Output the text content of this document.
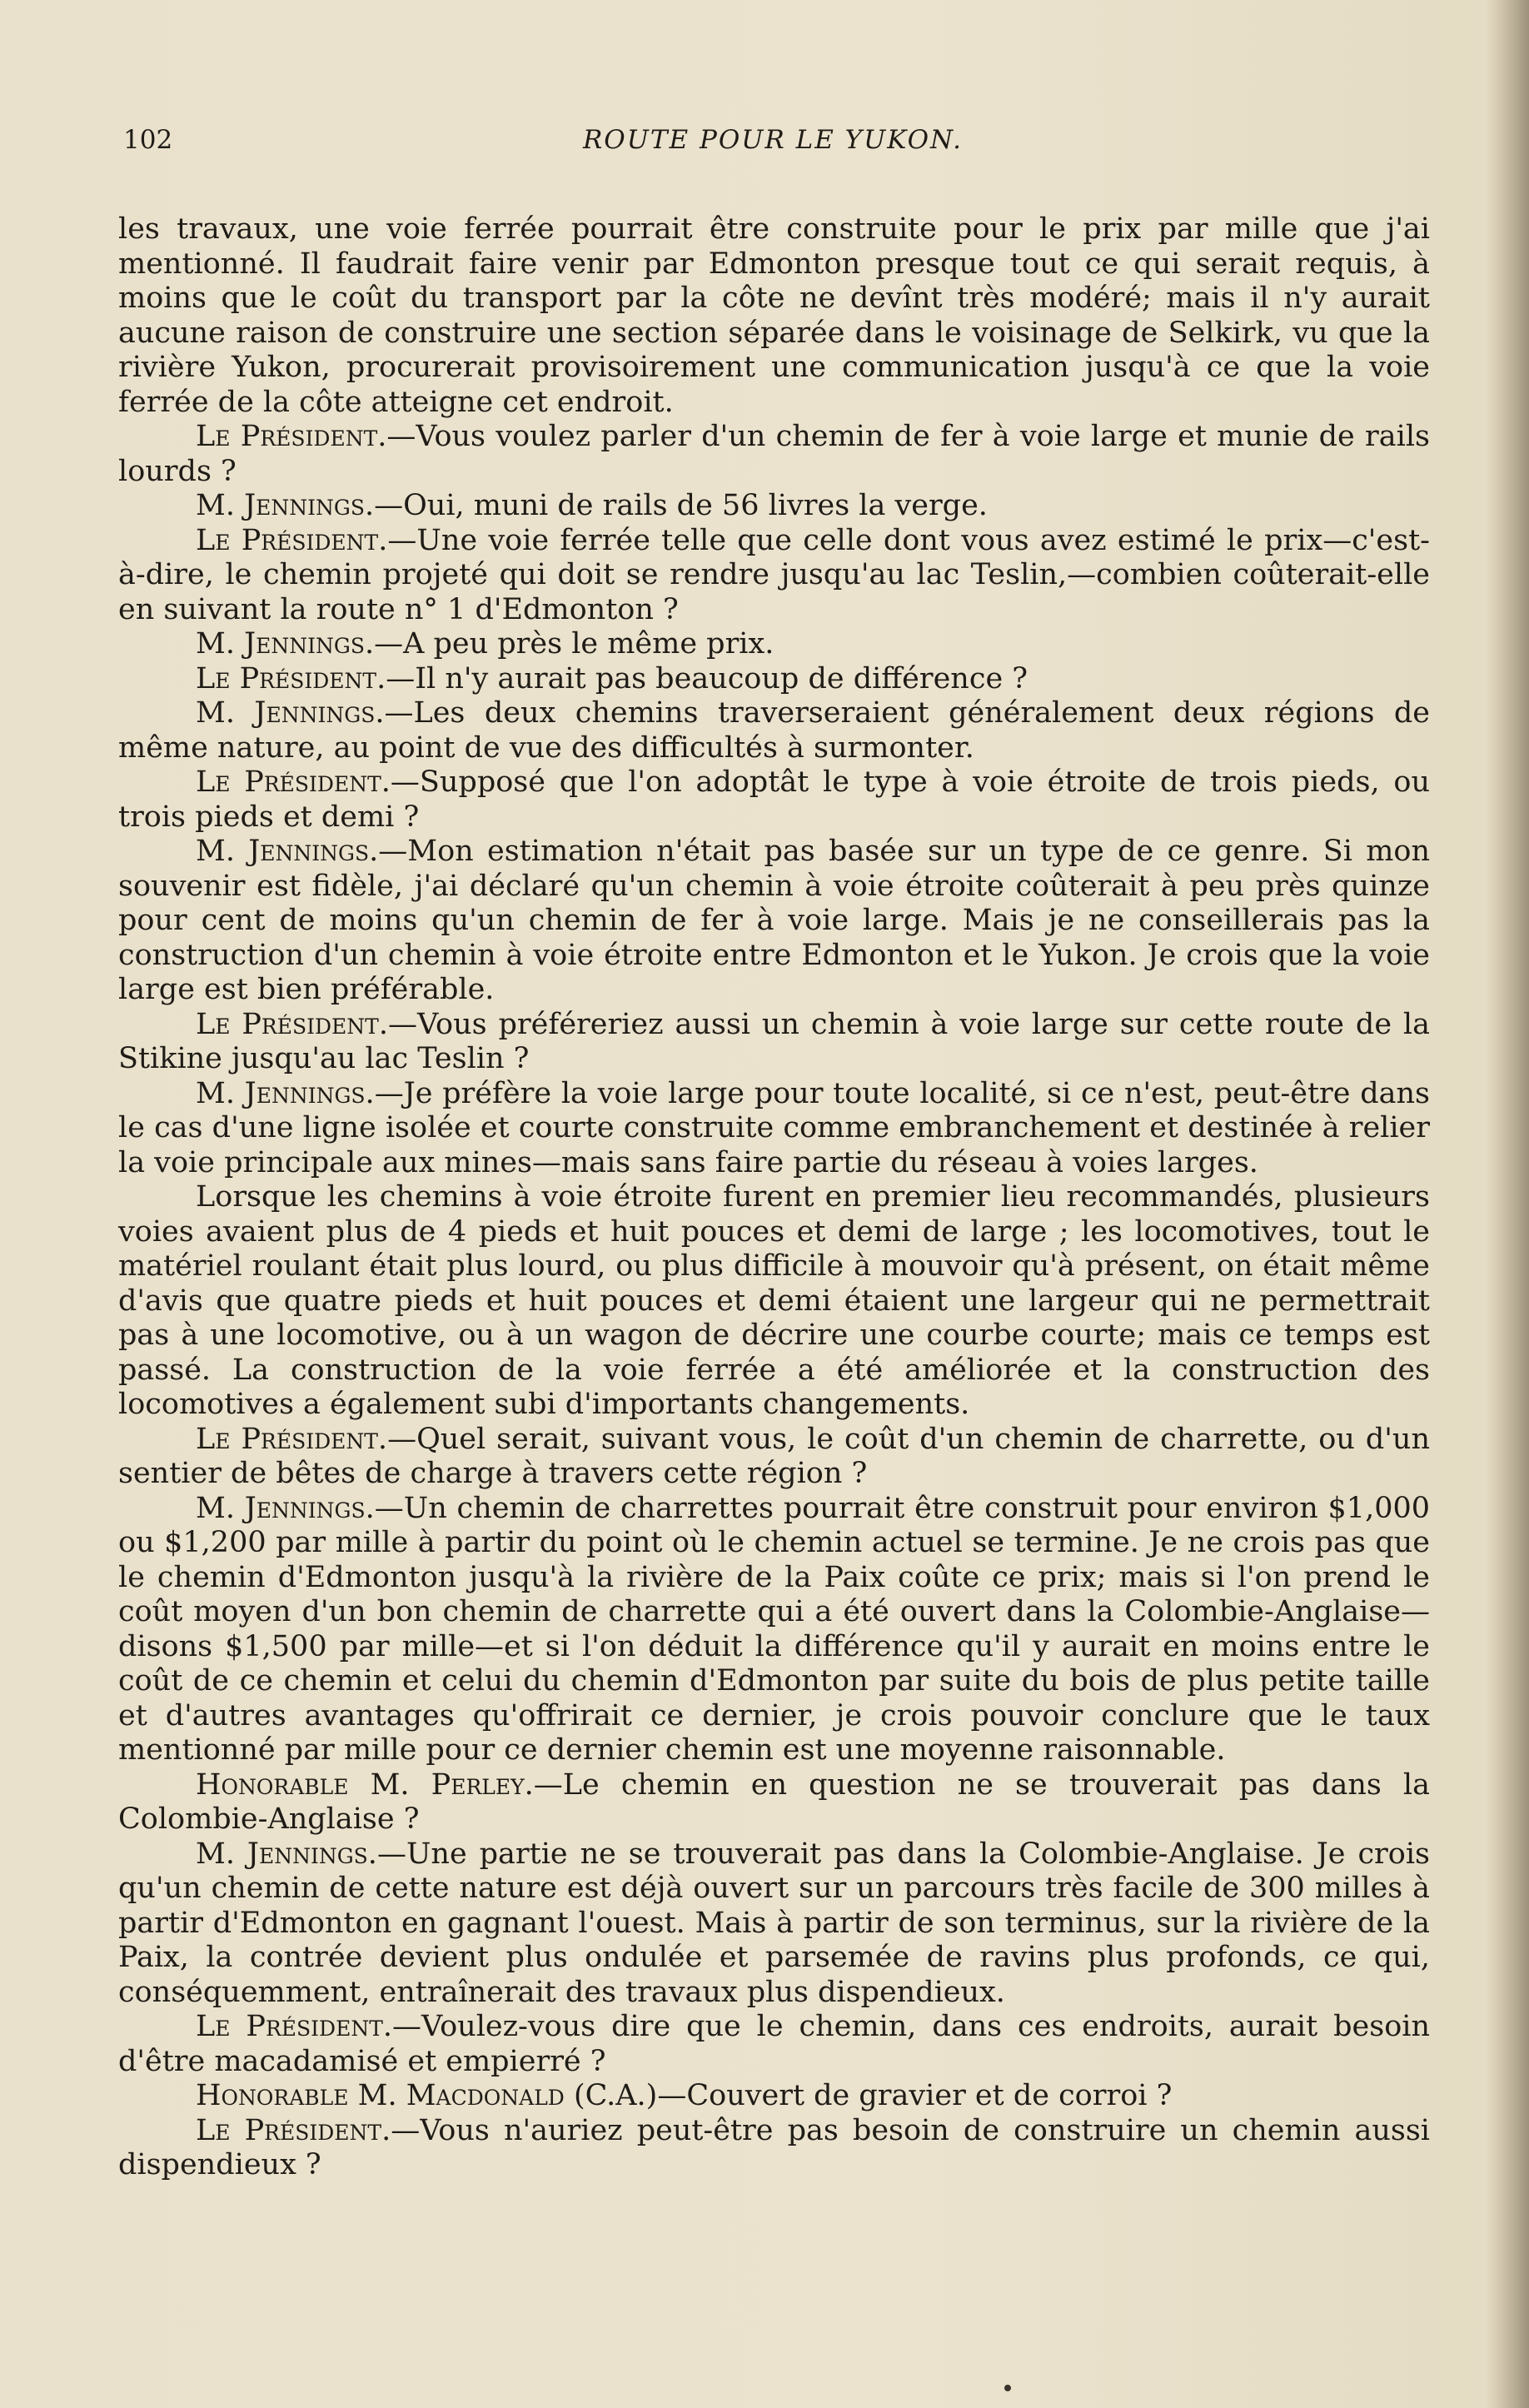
102	ROUTE POUR LE YUKON.

les travaux, une voie ferrée pourrait être construite pour le prix par mille que j'ai mentionné. Il faudrait faire venir par Edmonton presque tout ce qui serait requis, à moins que le coût du transport par la côte ne devînt très modéré; mais il n'y aurait aucune raison de construire une section séparée dans le voisinage de Selkirk, vu que la rivière Yukon, procurerait provisoirement une communication jusqu'à ce que la voie ferrée de la côte atteigne cet endroit.

Le Président.—Vous voulez parler d'un chemin de fer à voie large et munie de rails lourds ?

M. Jennings.—Oui, muni de rails de 56 livres la verge.

Le Président.—Une voie ferrée telle que celle dont vous avez estimé le prix—c'est-à-dire, le chemin projeté qui doit se rendre jusqu'au lac Teslin,—combien coûterait-elle en suivant la route n° 1 d'Edmonton ?

M. Jennings.—A peu près le même prix.

Le Président.—Il n'y aurait pas beaucoup de différence ?

M. Jennings.—Les deux chemins traverseraient généralement deux régions de même nature, au point de vue des difficultés à surmonter.

Le Président.—Supposé que l'on adoptât le type à voie étroite de trois pieds, ou trois pieds et demi ?

M. Jennings.—Mon estimation n'était pas basée sur un type de ce genre. Si mon souvenir est fidèle, j'ai déclaré qu'un chemin à voie étroite coûterait à peu près quinze pour cent de moins qu'un chemin de fer à voie large. Mais je ne conseillerais pas la construction d'un chemin à voie étroite entre Edmonton et le Yukon. Je crois que la voie large est bien préférable.

Le Président.—Vous préféreriez aussi un chemin à voie large sur cette route de la Stikine jusqu'au lac Teslin ?

M. Jennings.—Je préfère la voie large pour toute localité, si ce n'est, peut-être dans le cas d'une ligne isolée et courte construite comme embranchement et destinée à relier la voie principale aux mines—mais sans faire partie du réseau à voies larges.

Lorsque les chemins à voie étroite furent en premier lieu recommandés, plusieurs voies avaient plus de 4 pieds et huit pouces et demi de large ; les locomotives, tout le matériel roulant était plus lourd, ou plus difficile à mouvoir qu'à présent, on était même d'avis que quatre pieds et huit pouces et demi étaient une largeur qui ne permettrait pas à une locomotive, ou à un wagon de décrire une courbe courte; mais ce temps est passé. La construction de la voie ferrée a été améliorée et la construction des locomotives a également subi d'importants changements.

Le Président.—Quel serait, suivant vous, le coût d'un chemin de charrette, ou d'un sentier de bêtes de charge à travers cette région ?

M. Jennings.—Un chemin de charrettes pourrait être construit pour environ $1,000 ou $1,200 par mille à partir du point où le chemin actuel se termine. Je ne crois pas que le chemin d'Edmonton jusqu'à la rivière de la Paix coûte ce prix; mais si l'on prend le coût moyen d'un bon chemin de charrette qui a été ouvert dans la Colombie-Anglaise—disons $1,500 par mille—et si l'on déduit la différence qu'il y aurait en moins entre le coût de ce chemin et celui du chemin d'Edmonton par suite du bois de plus petite taille et d'autres avantages qu'offrirait ce dernier, je crois pouvoir conclure que le taux mentionné par mille pour ce dernier chemin est une moyenne raisonnable.

Honorable M. Perley.—Le chemin en question ne se trouverait pas dans la Colombie-Anglaise ?

M. Jennings.—Une partie ne se trouverait pas dans la Colombie-Anglaise. Je crois qu'un chemin de cette nature est déjà ouvert sur un parcours très facile de 300 milles à partir d'Edmonton en gagnant l'ouest. Mais à partir de son terminus, sur la rivière de la Paix, la contrée devient plus ondulée et parsemée de ravins plus profonds, ce qui, conséquemment, entraînerait des travaux plus dispendieux.

Le Président.—Voulez-vous dire que le chemin, dans ces endroits, aurait besoin d'être macadamisé et empierré ?

Honorable M. Macdonald (C.A.)—Couvert de gravier et de corroi ?

Le Président.—Vous n'auriez peut-être pas besoin de construire un chemin aussi dispendieux ?
